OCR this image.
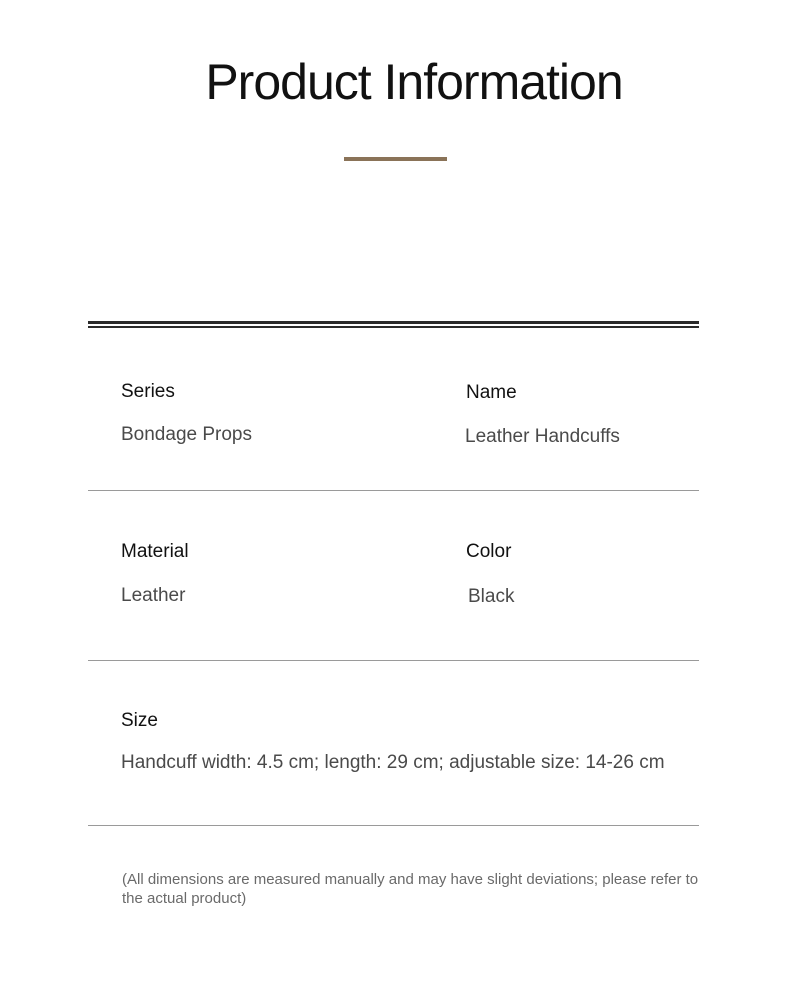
Product Information
Series
Bondage Props
Name
Leather Handcuffs
Material
Leather
Color
Black
Size
Handcuff width: 4.5 cm; length: 29 cm; adjustable size: 14-26 cm
(All dimensions are measured manually and may have slight deviations; please refer to the actual product)
